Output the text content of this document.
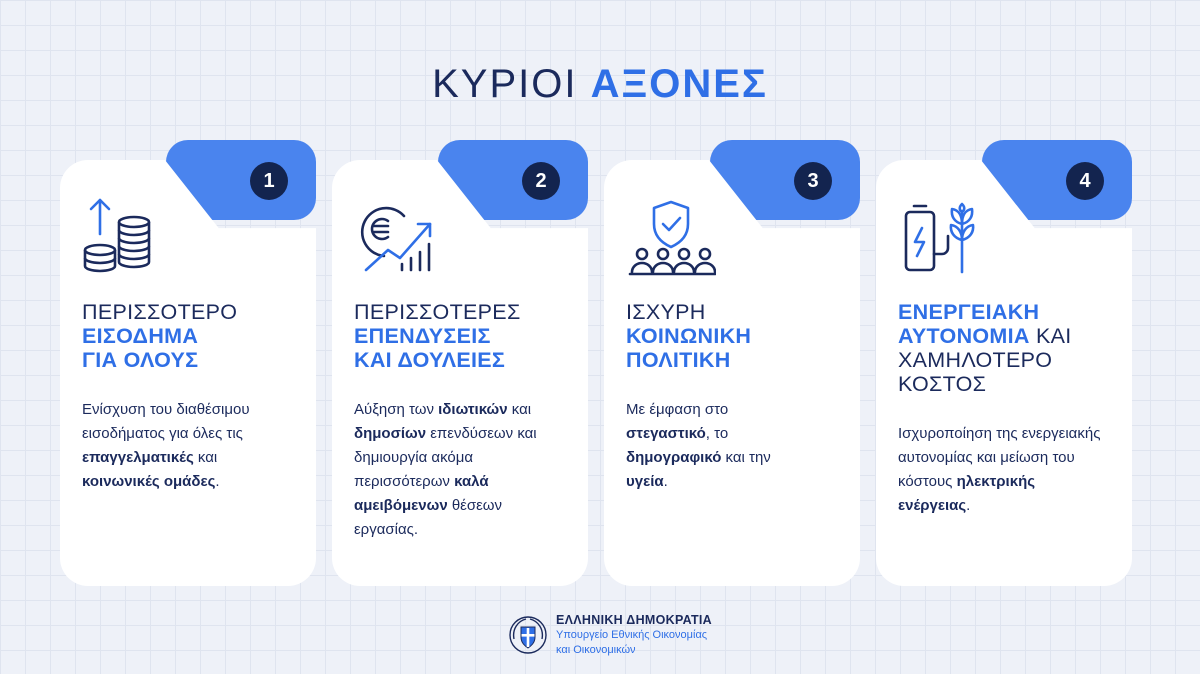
ΚΥΡΙΟΙ ΑΞΟΝΕΣ
1
ΠΕΡΙΣΣΟΤΕΡΟ
ΕΙΣΟΔΗΜΑ
ΓΙΑ ΟΛΟΥΣ
Ενίσχυση του διαθέσιμου εισοδήματος για όλες τις επαγγελματικές και κοινωνικές ομάδες.
2
ΠΕΡΙΣΣΟΤΕΡΕΣ
ΕΠΕΝΔΥΣΕΙΣ
ΚΑΙ ΔΟΥΛΕΙΕΣ
Αύξηση των ιδιωτικών και δημοσίων επενδύσεων και δημιουργία ακόμα περισσότερων καλά αμειβόμενων θέσεων εργασίας.
3
ΙΣΧΥΡΗ
ΚΟΙΝΩΝΙΚΗ
ΠΟΛΙΤΙΚΗ
Με έμφαση στο στεγαστικό, το δημογραφικό και την υγεία.
4
ΕΝΕΡΓΕΙΑΚΗ
ΑΥΤΟΝΟΜΙΑ ΚΑΙ
ΧΑΜΗΛΟΤΕΡΟ
ΚΟΣΤΟΣ
Ισχυροποίηση της ενεργειακής αυτονομίας και μείωση του κόστους ηλεκτρικής ενέργειας.
ΕΛΛΗΝΙΚΗ ΔΗΜΟΚΡΑΤΙΑ
Υπουργείο Εθνικής Οικονομίας
και Οικονομικών
